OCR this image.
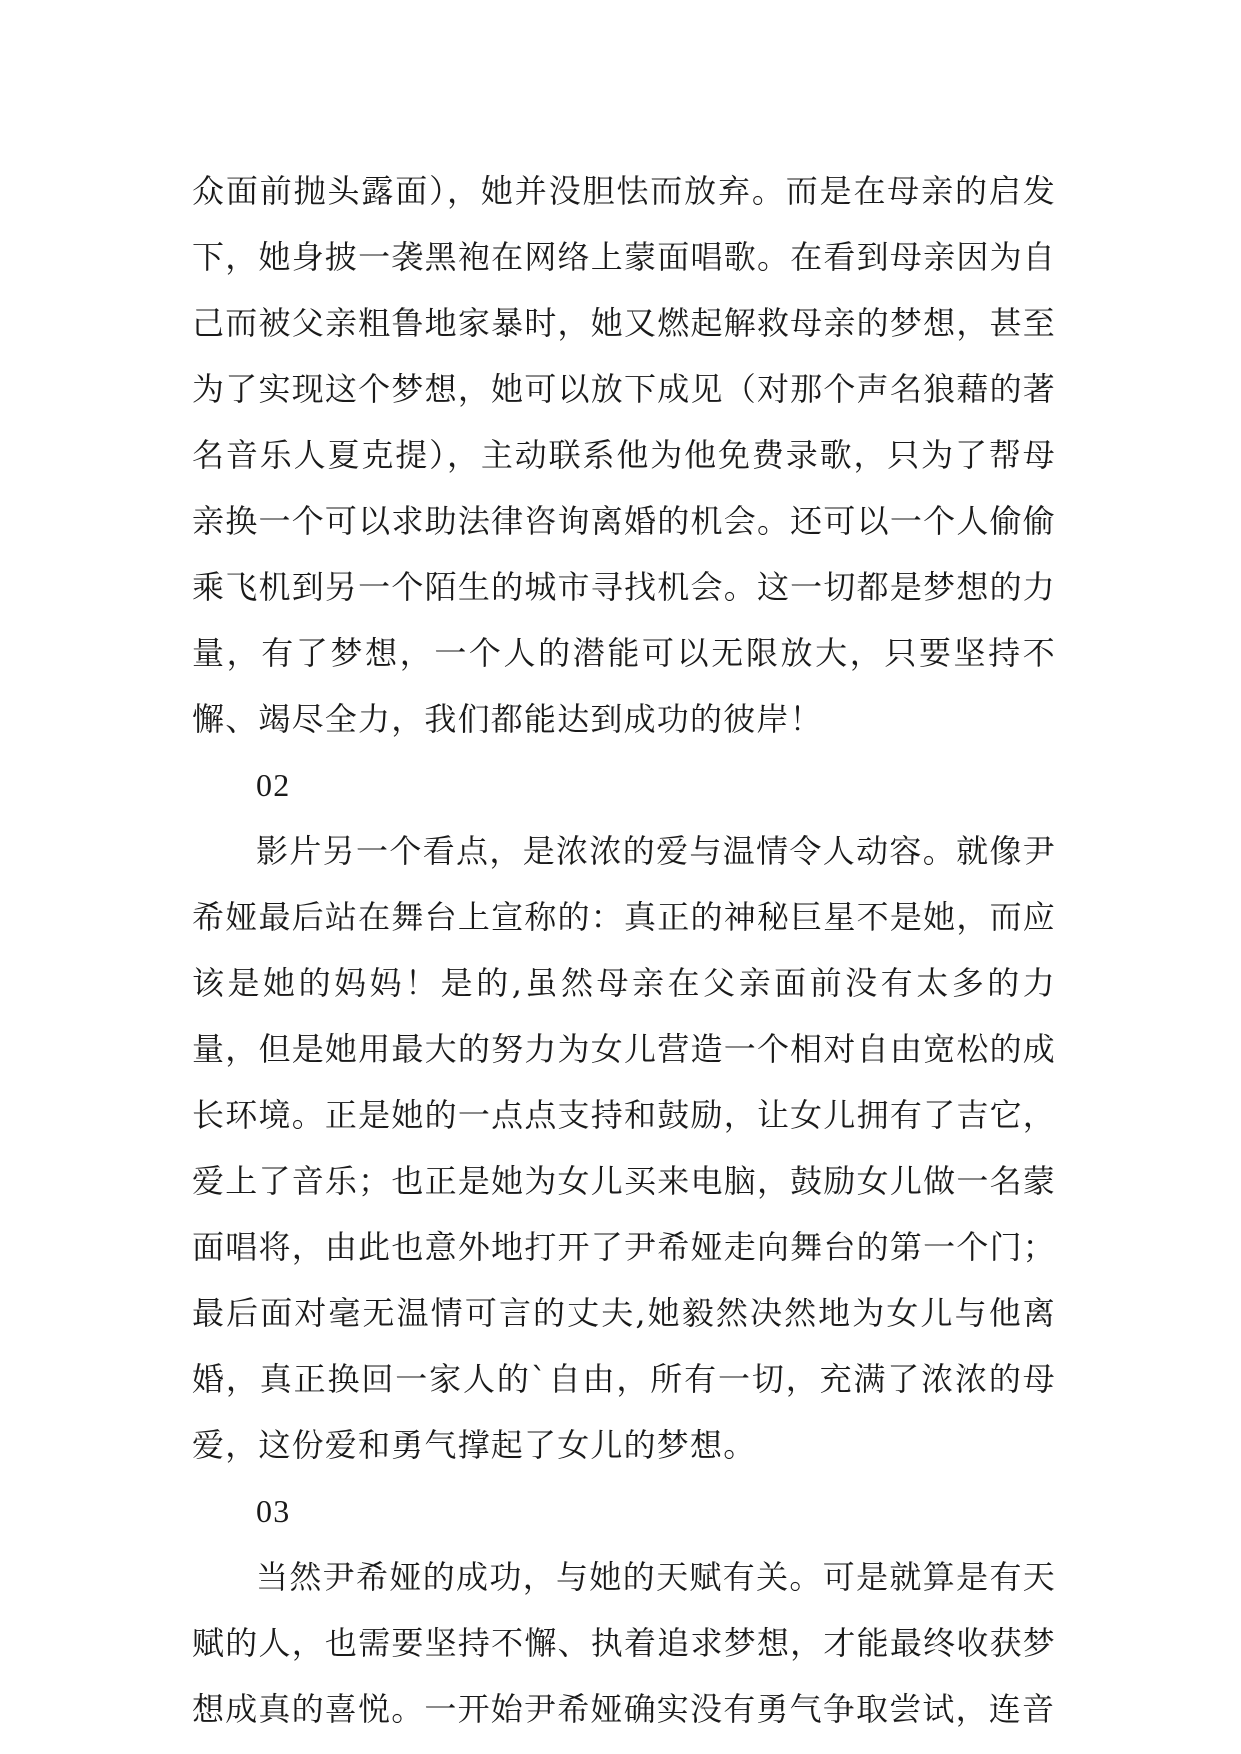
众面前抛头露面），她并没胆怯而放弃。而是在母亲的启发下，她身披一袭黑袍在网络上蒙面唱歌。在看到母亲因为自己而被父亲粗鲁地家暴时，她又燃起解救母亲的梦想，甚至为了实现这个梦想，她可以放下成见（对那个声名狼藉的著名音乐人夏克提），主动联系他为他免费录歌，只为了帮母亲换一个可以求助法律咨询离婚的机会。还可以一个人偷偷乘飞机到另一个陌生的城市寻找机会。这一切都是梦想的力量，有了梦想，一个人的潜能可以无限放大，只要坚持不懈、竭尽全力，我们都能达到成功的彼岸！

02

影片另一个看点，是浓浓的爱与温情令人动容。就像尹希娅最后站在舞台上宣称的：真正的神秘巨星不是她，而应该是她的妈妈！是的,虽然母亲在父亲面前没有太多的力量，但是她用最大的努力为女儿营造一个相对自由宽松的成长环境。正是她的一点点支持和鼓励，让女儿拥有了吉它，爱上了音乐；也正是她为女儿买来电脑，鼓励女儿做一名蒙面唱将，由此也意外地打开了尹希娅走向舞台的第一个门；最后面对毫无温情可言的丈夫,她毅然决然地为女儿与他离婚，真正换回一家人的`自由，所有一切，充满了浓浓的母爱，这份爱和勇气撑起了女儿的梦想。

03

当然尹希娅的成功，与她的天赋有关。可是就算是有天赋的人，也需要坚持不懈、执着追求梦想，才能最终收获梦想成真的喜悦。一开始尹希娅确实没有勇气争取尝试，连音
